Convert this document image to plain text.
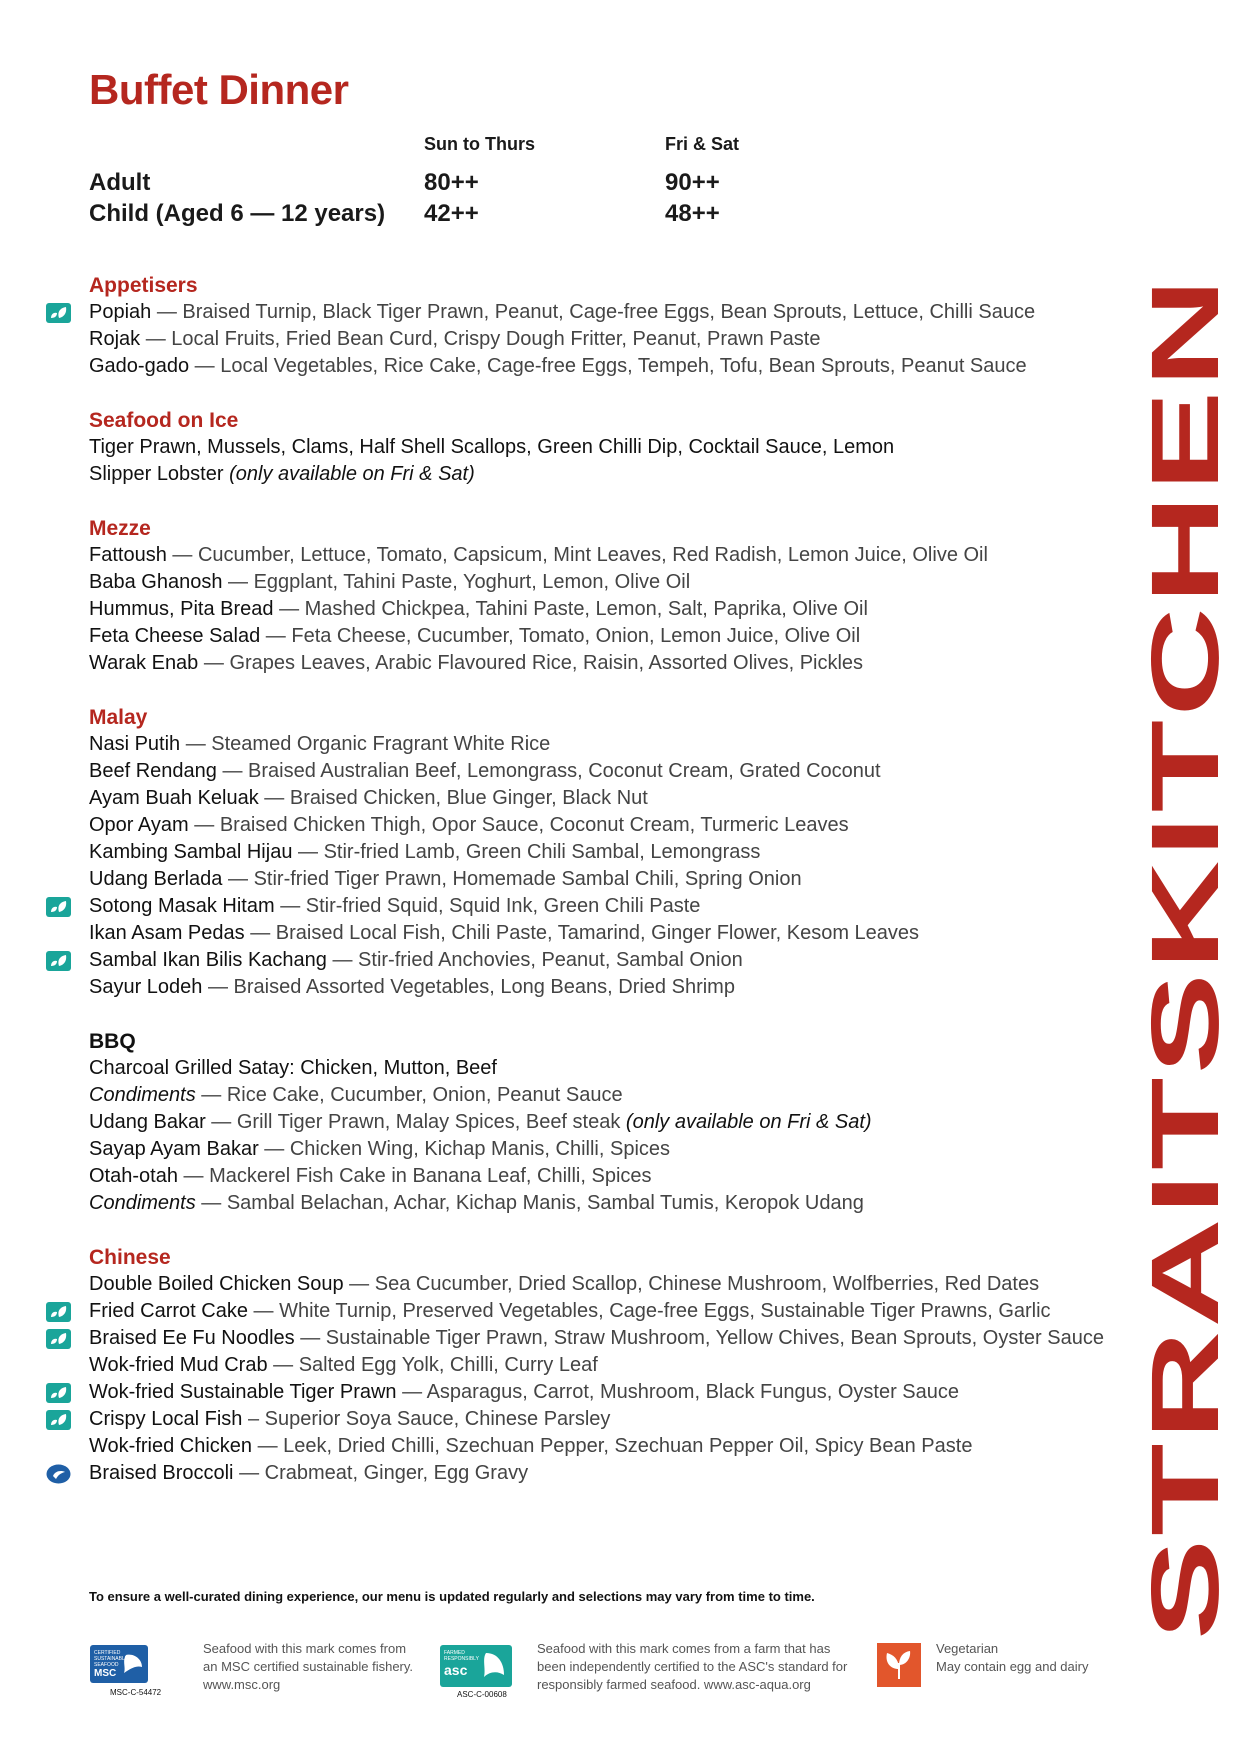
Buffet Dinner
Sun to Thurs	Fri & Sat
Adult	80++	90++
Child (Aged 6 — 12 years) 42++	48++
Appetisers
Popiah — Braised Turnip, Black Tiger Prawn, Peanut, Cage-free Eggs, Bean Sprouts, Lettuce, Chilli Sauce
Rojak — Local Fruits, Fried Bean Curd, Crispy Dough Fritter, Peanut, Prawn Paste
Gado-gado — Local Vegetables, Rice Cake, Cage-free Eggs, Tempeh, Tofu, Bean Sprouts, Peanut Sauce
Seafood on Ice
Tiger Prawn, Mussels, Clams, Half Shell Scallops, Green Chilli Dip, Cocktail Sauce, Lemon
Slipper Lobster (only available on Fri & Sat)
Mezze
Fattoush — Cucumber, Lettuce, Tomato, Capsicum, Mint Leaves, Red Radish, Lemon Juice, Olive Oil
Baba Ghanosh — Eggplant, Tahini Paste, Yoghurt, Lemon, Olive Oil
Hummus, Pita Bread — Mashed Chickpea, Tahini Paste, Lemon, Salt, Paprika, Olive Oil
Feta Cheese Salad — Feta Cheese, Cucumber, Tomato, Onion, Lemon Juice, Olive Oil
Warak Enab — Grapes Leaves, Arabic Flavoured Rice, Raisin, Assorted Olives, Pickles
Malay
Nasi Putih — Steamed Organic Fragrant White Rice
Beef Rendang — Braised Australian Beef, Lemongrass, Coconut Cream, Grated Coconut
Ayam Buah Keluak — Braised Chicken, Blue Ginger, Black Nut
Opor Ayam — Braised Chicken Thigh, Opor Sauce, Coconut Cream, Turmeric Leaves
Kambing Sambal Hijau — Stir-fried Lamb, Green Chili Sambal, Lemongrass
Udang Berlada — Stir-fried Tiger Prawn, Homemade Sambal Chili, Spring Onion
Sotong Masak Hitam — Stir-fried Squid, Squid Ink, Green Chili Paste
Ikan Asam Pedas — Braised Local Fish, Chili Paste, Tamarind, Ginger Flower, Kesom Leaves
Sambal Ikan Bilis Kachang — Stir-fried Anchovies, Peanut, Sambal Onion
Sayur Lodeh — Braised Assorted Vegetables, Long Beans, Dried Shrimp
BBQ
Charcoal Grilled Satay: Chicken, Mutton, Beef
Condiments — Rice Cake, Cucumber, Onion, Peanut Sauce
Udang Bakar — Grill Tiger Prawn, Malay Spices, Beef steak (only available on Fri & Sat)
Sayap Ayam Bakar — Chicken Wing, Kichap Manis, Chilli, Spices
Otah-otah — Mackerel Fish Cake in Banana Leaf, Chilli, Spices
Condiments — Sambal Belachan, Achar, Kichap Manis, Sambal Tumis, Keropok Udang
Chinese
Double Boiled Chicken Soup — Sea Cucumber, Dried Scallop, Chinese Mushroom, Wolfberries, Red Dates
Fried Carrot Cake — White Turnip, Preserved Vegetables, Cage-free Eggs, Sustainable Tiger Prawns, Garlic
Braised Ee Fu Noodles — Sustainable Tiger Prawn, Straw Mushroom, Yellow Chives, Bean Sprouts, Oyster Sauce
Wok-fried Mud Crab — Salted Egg Yolk, Chilli, Curry Leaf
Wok-fried Sustainable Tiger Prawn — Asparagus, Carrot, Mushroom, Black Fungus, Oyster Sauce
Crispy Local Fish – Superior Soya Sauce, Chinese Parsley
Wok-fried Chicken — Leek, Dried Chilli, Szechuan Pepper, Szechuan Pepper Oil, Spicy Bean Paste
Braised Broccoli — Crabmeat, Ginger, Egg Gravy	STRAITSKITCHEN
To ensure a well-curated dining experience, our menu is updated regularly and selections may vary from time to time.
CERTIFIED
SUSTAINABLE
SEAFOOD
MSC
MSC-C-54472
Seafood with this mark comes from
an MSC certified sustainable fishery.
www.msc.org
FARMED
RESPONSIBLY
asc
ASC-C-00608
Seafood with this mark comes from a farm that has
been independently certified to the ASC's standard for
responsibly farmed seafood. www.asc-aqua.org
Vegetarian
May contain egg and dairy
